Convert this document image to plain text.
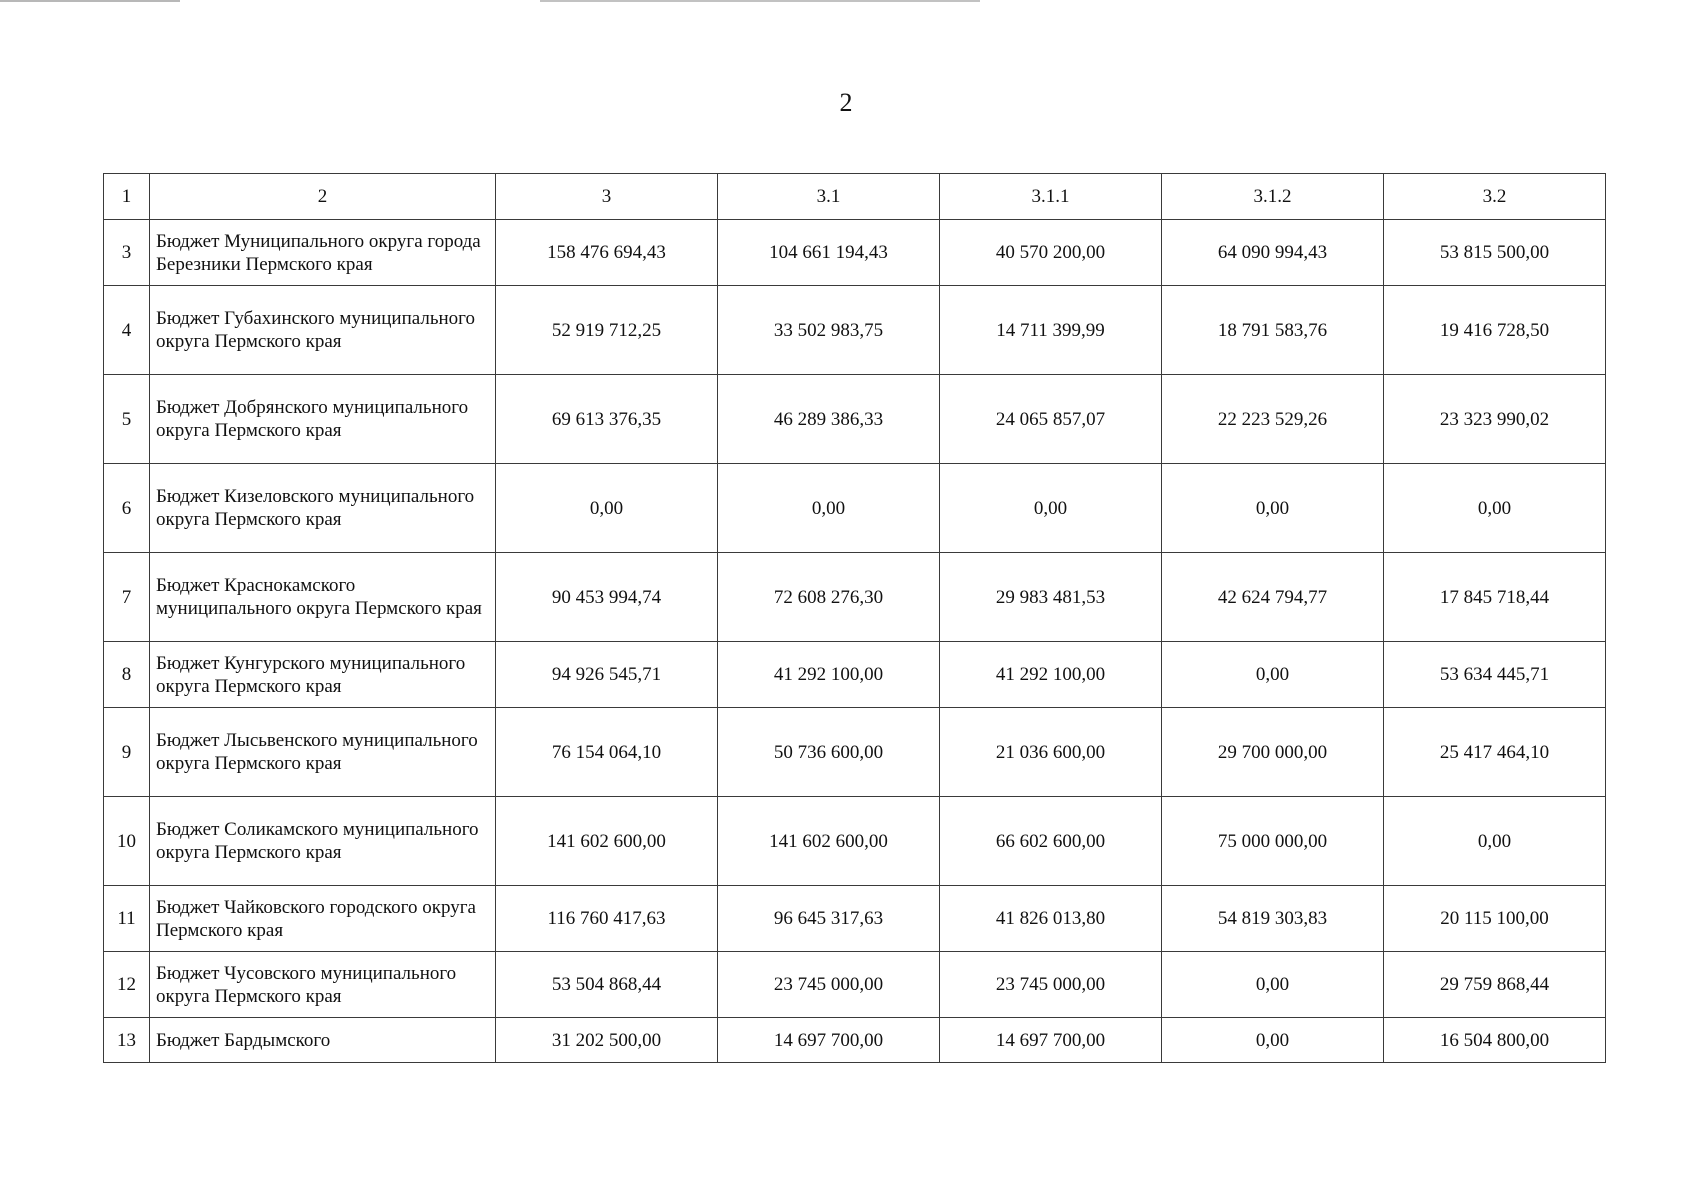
2
1	2	3	3.1	3.1.1	3.1.2	3.2
3	Бюджет Муниципального округа города Березники Пермского края	158 476 694,43	104 661 194,43	40 570 200,00	64 090 994,43	53 815 500,00
4	Бюджет Губахинского муниципального округа Пермского края	52 919 712,25	33 502 983,75	14 711 399,99	18 791 583,76	19 416 728,50
5	Бюджет Добрянского муниципального округа Пермского края	69 613 376,35	46 289 386,33	24 065 857,07	22 223 529,26	23 323 990,02
6	Бюджет Кизеловского муниципального округа Пермского края	0,00	0,00	0,00	0,00	0,00
7	Бюджет Краснокамского муниципального округа Пермского края	90 453 994,74	72 608 276,30	29 983 481,53	42 624 794,77	17 845 718,44
8	Бюджет Кунгурского муниципального округа Пермского края	94 926 545,71	41 292 100,00	41 292 100,00	0,00	53 634 445,71
9	Бюджет Лысьвенского муниципального округа Пермского края	76 154 064,10	50 736 600,00	21 036 600,00	29 700 000,00	25 417 464,10
10	Бюджет Соликамского муниципального округа Пермского края	141 602 600,00	141 602 600,00	66 602 600,00	75 000 000,00	0,00
11	Бюджет Чайковского городского округа Пермского края	116 760 417,63	96 645 317,63	41 826 013,80	54 819 303,83	20 115 100,00
12	Бюджет Чусовского муниципального округа Пермского края	53 504 868,44	23 745 000,00	23 745 000,00	0,00	29 759 868,44
13	Бюджет Бардымского	31 202 500,00	14 697 700,00	14 697 700,00	0,00	16 504 800,00
